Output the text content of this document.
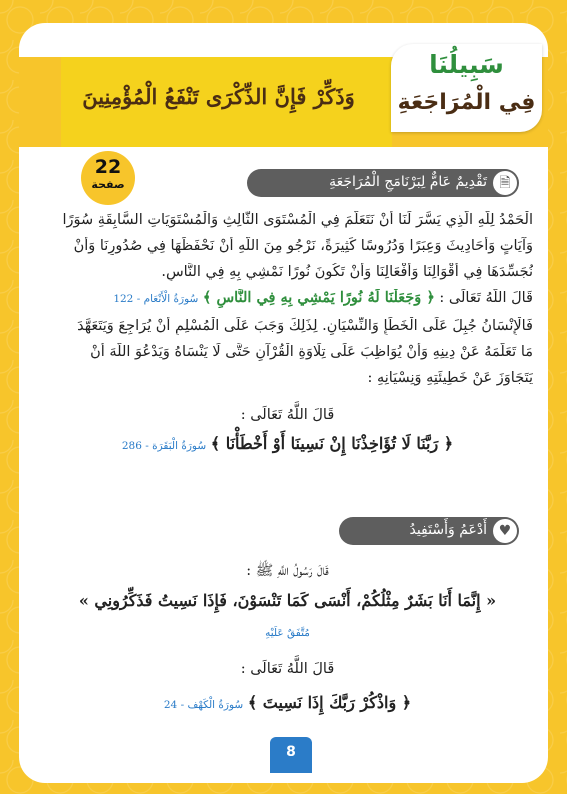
وَذَكِّرْ فَإِنَّ الذِّكْرَى تَنْفَعُ الْمُؤْمِنِينَ
سَبِيلُنَا
فِي الْمُرَاجَعَةِ
22
صفحة	🗎
تَقْدِيمٌ عَامٌّ لِبَرْنَامَجِ الْمُرَاجَعَةِ
الْحَمْدُ لِلَّهِ الَّذِي يَسَّرَ لَنَا أَنْ نَتَعَلَّمَ فِي الْمُسْتَوَى الثَّالِثِ وَالْمُسْتَوَيَاتِ السَّابِقَةِ سُوَرًا
وَآيَاتٍ وَأَحَادِيثَ وَعِبَرًا وَدُرُوسًا كَثِيرَةً، نَرْجُو مِنَ اللَّهِ أَنْ نَحْفَظَهَا فِي صُدُورِنَا وَأَنْ
نُجَسِّدَهَا فِي أَقْوَالِنَا وَأَفْعَالِنَا وَأَنْ تَكُونَ نُورًا نَمْشِي بِهِ فِي النَّاسِ.
قَالَ اللَّهُ تَعَالَى : ﴿ وَجَعَلْنَا لَهُ نُورًا يَمْشِي بِهِ فِي النَّاسِ ﴾ سُورَةُ الْأَنْعَام - 122
فَالْإِنْسَانُ جُبِلَ عَلَى الْخَطَإِ وَالنِّسْيَانِ. لِذَلِكَ وَجَبَ عَلَى الْمُسْلِمِ أَنْ يُرَاجِعَ وَيَتَعَهَّدَ
مَا تَعَلَّمَهُ عَنْ دِينِهِ وَأَنْ يُوَاظِبَ عَلَى تِلَاوَةِ الْقُرْآنِ حَتَّى لَا يَنْسَاهُ وَيَدْعُوَ اللَّهَ أَنْ
يَتَجَاوَزَ عَنْ خَطِيئَتِهِ وَنِسْيَانِهِ :
قَالَ اللَّهُ تَعَالَى :
﴿ رَبَّنَا لَا تُؤَاخِذْنَا إِنْ نَسِينَا أَوْ أَخْطَأْنَا ﴾ سُورَةُ الْبَقَرَة - 286
♥
أَدْعَمُ وَأَسْتَفِيدُ
قَالَ رَسُولُ اللَّهِ ﷺ :
« إِنَّمَا أَنَا بَشَرٌ مِثْلُكُمْ، أَنْسَى كَمَا تَنْسَوْنَ، فَإِذَا نَسِيتُ فَذَكِّرُونِي »
مُتَّفَقٌ عَلَيْهِ
قَالَ اللَّهُ تَعَالَى :
﴿ وَاذْكُرْ رَبَّكَ إِذَا نَسِيتَ ﴾ سُورَةُ الْكَهْف - 24
8
